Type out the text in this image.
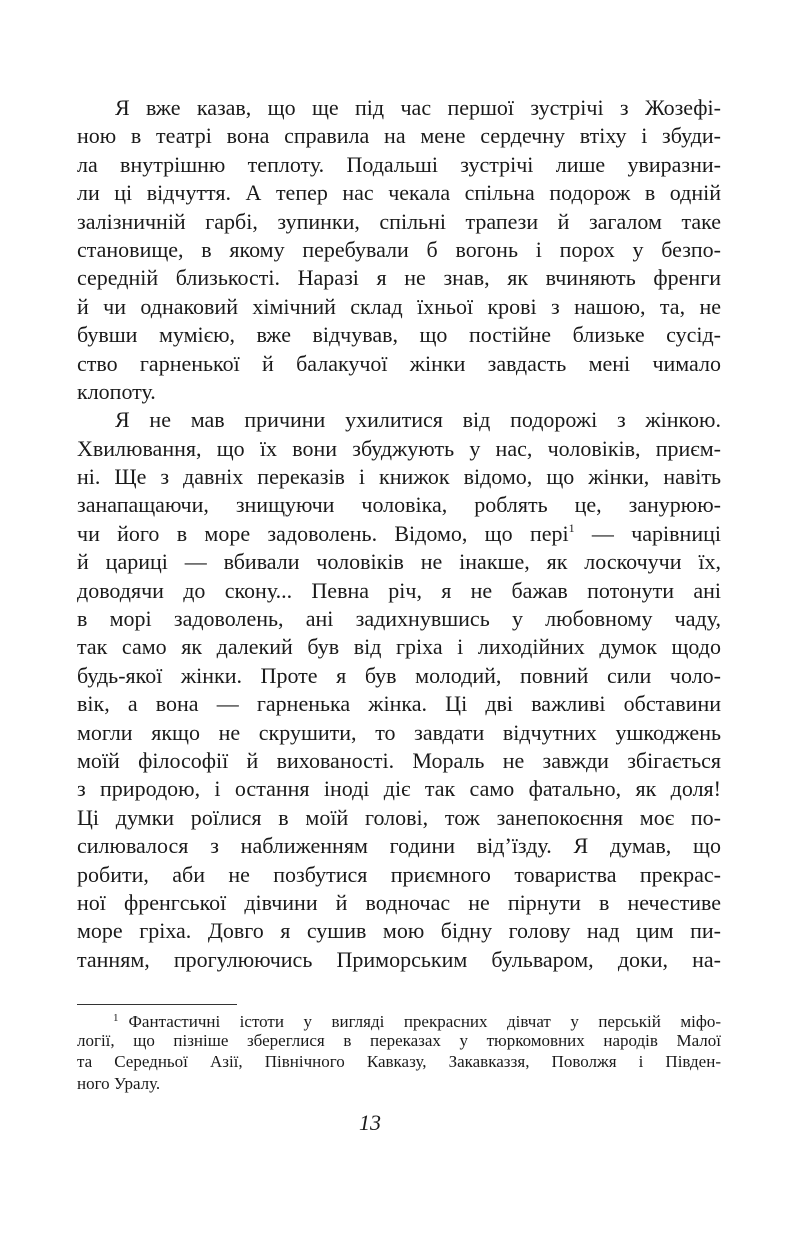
Я вже казав, що ще під час першої зустрічі з Жозефі-
ною в театрі вона справила на мене сердечну втіху і збуди-
ла внутрішню теплоту. Подальші зустрічі лише увиразни-
ли ці відчуття. А тепер нас чекала спільна подорож в одній
залізничній гарбі, зупинки, спільні трапези й загалом таке
становище, в якому перебували б вогонь і порох у безпо-
середній близькості. Наразі я не знав, як вчиняють френги
й чи однаковий хімічний склад їхньої крові з нашою, та, не
бувши мумією, вже відчував, що постійне близьке сусід-
ство гарненької й балакучої жінки завдасть мені чимало
клопоту.
Я не мав причини ухилитися від подорожі з жінкою.
Хвилювання, що їх вони збуджують у нас, чоловіків, приєм-
ні. Ще з давніх переказів і книжок відомо, що жінки, навіть
занапащаючи, знищуючи чоловіка, роблять це, занурюю-
чи його в море задоволень. Відомо, що пері$^1$ — чарівниці
й цариці — вбивали чоловіків не інакше, як лоскочучи їх,
доводячи до скону... Певна річ, я не бажав потонути ані
в морі задоволень, ані задихнувшись у любовному чаду,
так само як далекий був від гріха і лиходійних думок щодо
будь-якої жінки. Проте я був молодий, повний сили чоло-
вік, а вона — гарненька жінка. Ці дві важливі обставини
могли якщо не скрушити, то завдати відчутних ушкоджень
моїй філософії й вихованості. Мораль не завжди збігається
з природою, і остання іноді діє так само фатально, як доля!
Ці думки роїлися в моїй голові, тож занепокоєння моє по-
силювалося з наближенням години від’їзду. Я думав, що
робити, аби не позбутися приємного товариства прекрас-
ної френгської дівчини й водночас не пірнути в нечестиве
море гріха. Довго я сушив мою бідну голову над цим пи-
танням, прогулюючись Приморським бульваром, доки, на-
$^1$ Фантастичні істоти у вигляді прекрасних дівчат у перській міфо-
логії, що пізніше збереглися в переказах у тюркомовних народів Малої
та Середньої Азії, Північного Кавказу, Закавказзя, Поволжя і Півден-
ного Уралу.
13
